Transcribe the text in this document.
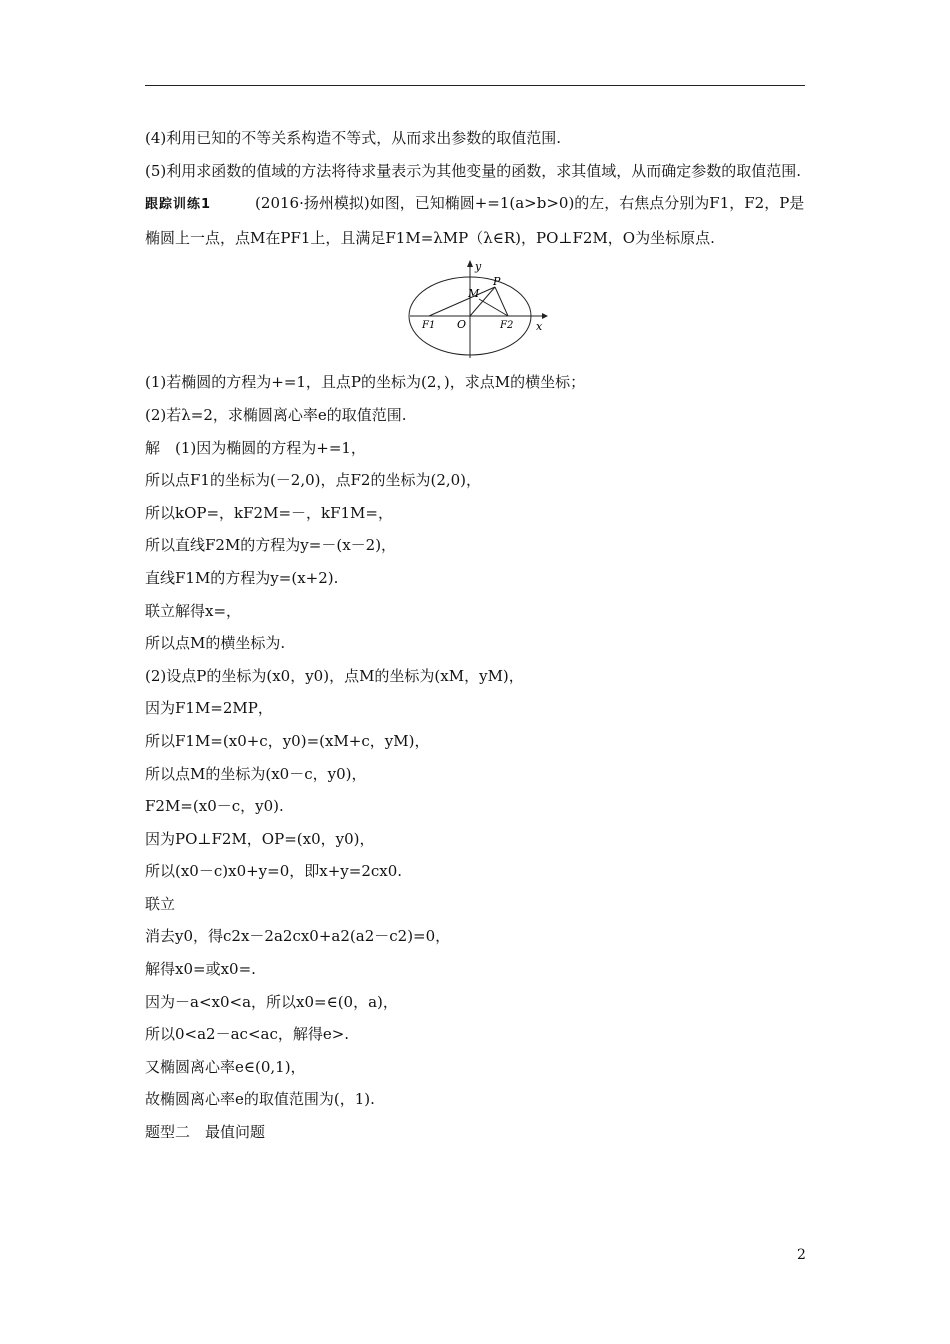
(4)利用已知的不等关系构造不等式，从而求出参数的取值范围.
(5)利用求函数的值域的方法将待求量表示为其他变量的函数，求其值域，从而确定参数的取值范围.
跟踪训练1	(2016·扬州模拟)如图，已知椭圆+=1(a>b>0)的左，右焦点分别为F1，F2，P是椭圆上一点，点M在PF1上，且满足F1M=λMP（λ∈R)，PO⊥F2M，O为坐标原点.
y
x
M
P
F1 O	F2
(1)若椭圆的方程为+=1，且点P的坐标为(2，)，求点M的横坐标；
(2)若λ=2，求椭圆离心率e的取值范围.
解　(1)因为椭圆的方程为+=1，
所以点F1的坐标为(－2,0)，点F2的坐标为(2,0)，
所以kOP=，kF2M=－，kF1M=，
所以直线F2M的方程为y=－(x－2)，
直线F1M的方程为y=(x+2).
联立解得x=，
所以点M的横坐标为.
(2)设点P的坐标为(x0，y0)，点M的坐标为(xM，yM)，
因为F1M=2MP，
所以F1M=(x0+c，y0)=(xM+c，yM)，
所以点M的坐标为(x0－c，y0)，
F2M=(x0－c，y0).
因为PO⊥F2M，OP=(x0，y0)，
所以(x0－c)x0+y=0，即x+y=2cx0.
联立
消去y0，得c2x－2a2cx0+a2(a2－c2)=0，
解得x0=或x0=.
因为－a<x0<a，所以x0=∈(0，a)，
所以0<a2－ac<ac，解得e>.
又椭圆离心率e∈(0,1)，
故椭圆离心率e的取值范围为(，1).
题型二　最值问题
2
